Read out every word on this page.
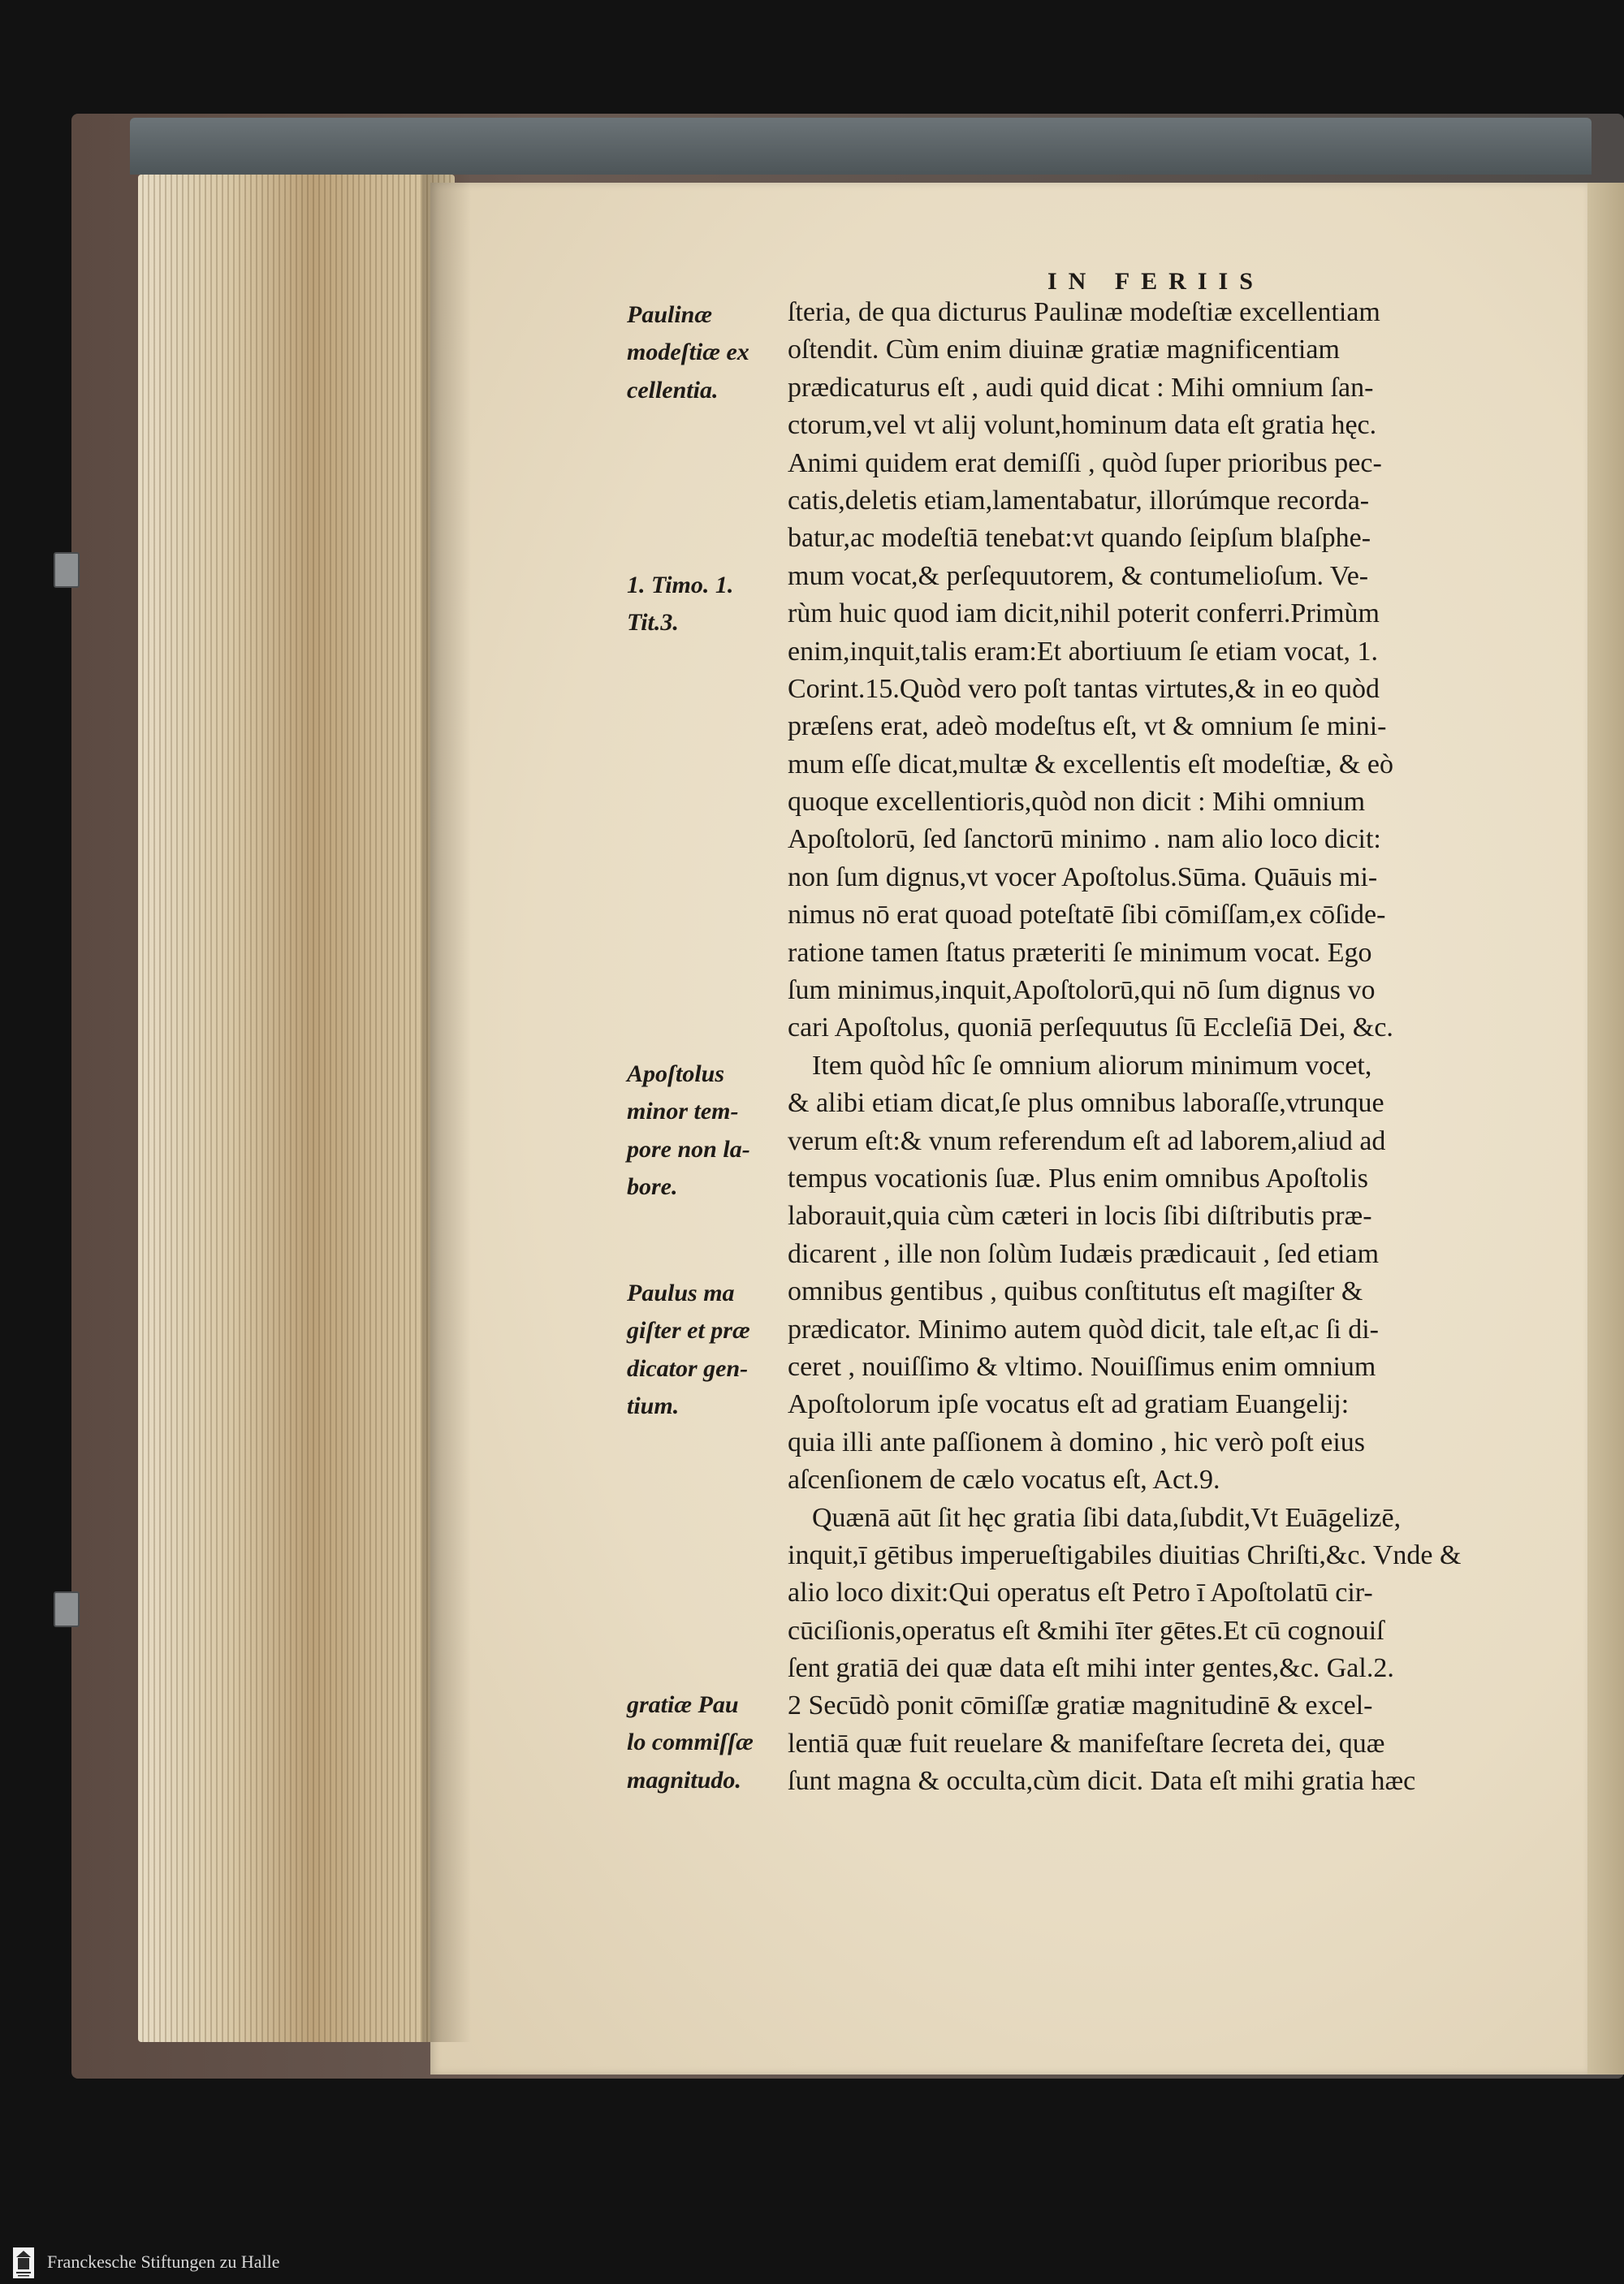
IN FERIIS
Paulinæ
modeſtiæ ex
cellentia.
1. Timo. 1.
Tit.3.
Apoſtolus
minor tem-
pore non la-
bore.
Paulus ma
giſter et præ
dicator gen-
tium.
gratiæ Pau
lo commiſſæ
magnitudo.
ſteria, de qua dicturus Paulinæ modeſtiæ excellentiam
oſtendit. Cùm enim diuinæ gratiæ magnificentiam
prædicaturus eſt , audi quid dicat : Mihi omnium ſan-
ctorum,vel vt alij volunt,hominum data eſt gratia hęc.
Animi quidem erat demiſſi , quòd ſuper prioribus pec-
catis,deletis etiam,lamentabatur, illorúmque recorda-
batur,ac modeſtiā tenebat:vt quando ſeipſum blaſphe-
mum vocat,& perſequutorem, & contumelioſum. Ve-
rùm huic quod iam dicit,nihil poterit conferri.Primùm
enim,inquit,talis eram:Et abortiuum ſe etiam vocat, 1.
Corint.15.Quòd vero poſt tantas virtutes,& in eo quòd
præſens erat, adeò modeſtus eſt, vt & omnium ſe mini-
mum eſſe dicat,multæ & excellentis eſt modeſtiæ, & eò
quoque excellentioris,quòd non dicit : Mihi omnium
Apoſtolorū, ſed ſanctorū minimo . nam alio loco dicit:
non ſum dignus,vt vocer Apoſtolus.Sūma. Quāuis mi-
nimus nō erat quoad poteſtatē ſibi cōmiſſam,ex cōſide-
ratione tamen ſtatus præteriti ſe minimum vocat. Ego
ſum minimus,inquit,Apoſtolorū,qui nō ſum dignus vo
cari Apoſtolus, quoniā perſequutus ſū Eccleſiā Dei, &c.
Item quòd hîc ſe omnium aliorum minimum vocet,
& alibi etiam dicat,ſe plus omnibus laboraſſe,vtrunque
verum eſt:& vnum referendum eſt ad laborem,aliud ad
tempus vocationis ſuæ. Plus enim omnibus Apoſtolis
laborauit,quia cùm cæteri in locis ſibi diſtributis præ-
dicarent , ille non ſolùm Iudæis prædicauit , ſed etiam
omnibus gentibus , quibus conſtitutus eſt magiſter &
prædicator. Minimo autem quòd dicit, tale eſt,ac ſi di-
ceret , nouiſſimo & vltimo. Nouiſſimus enim omnium
Apoſtolorum ipſe vocatus eſt ad gratiam Euangelij:
quia illi ante paſſionem à domino , hic verò poſt eius
aſcenſionem de cælo vocatus eſt, Act.9.
Quænā aūt ſit hęc gratia ſibi data,ſubdit,Vt Euāgelizē,
inquit,ī gētibus imperueſtigabiles diuitias Chriſti,&c. Vnde &
alio loco dixit:Qui operatus eſt Petro ī Apoſtolatū cir-
cūciſionis,operatus eſt &mihi īter gētes.Et cū cognouiſ
ſent gratiā dei quæ data eſt mihi inter gentes,&c. Gal.2.
2 Secūdò ponit cōmiſſæ gratiæ magnitudinē & excel-
lentiā quæ fuit reuelare & manifeſtare ſecreta dei, quæ
ſunt magna & occulta,cùm dicit. Data eſt mihi gratia hæc
Franckesche Stiftungen zu Halle
